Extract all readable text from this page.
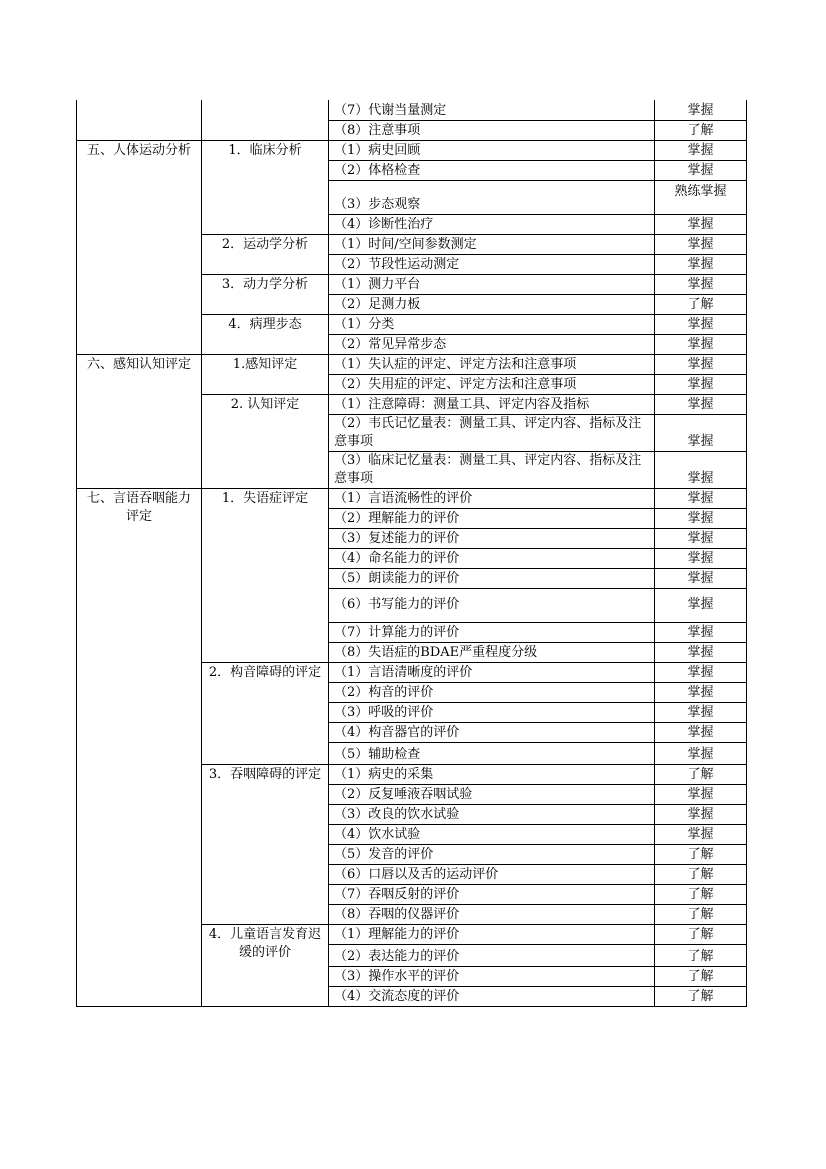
		（7）代谢当量测定	掌握
		（8）注意事项	了解
五、人体运动分析	1．临床分析	（1）病史回顾	掌握
		（2）体格检查	掌握
		（3）步态观察	熟练掌握
		（4）诊断性治疗	掌握
	2．运动学分析	（1）时间/空间参数测定	掌握
		（2）节段性运动测定	掌握
	3．动力学分析	（1）测力平台	掌握
		（2）足测力板	了解
	4．病理步态	（1）分类	掌握
		（2）常见异常步态	掌握
六、感知认知评定	1.感知评定	（1）失认症的评定、评定方法和注意事项	掌握
		（2）失用症的评定、评定方法和注意事项	掌握
	2. 认知评定	（1）注意障碍：测量工具、评定内容及指标	掌握
		（2）韦氏记忆量表：测量工具、评定内容、指标及注意事项	掌握
		（3）临床记忆量表：测量工具、评定内容、指标及注意事项	掌握
七、言语吞咽能力评定	1．失语症评定	（1）言语流畅性的评价	掌握
		（2）理解能力的评价	掌握
		（3）复述能力的评价	掌握
		（4）命名能力的评价	掌握
		（5）朗读能力的评价	掌握
		（6）书写能力的评价	掌握
		（7）计算能力的评价	掌握
		（8）失语症的BDAE严重程度分级	掌握
	2．构音障碍的评定	（1）言语清晰度的评价	掌握
		（2）构音的评价	掌握
		（3）呼吸的评价	掌握
		（4）构音器官的评价	掌握
		（5）辅助检查	掌握
	3．吞咽障碍的评定	（1）病史的采集	了解
		（2）反复唾液吞咽试验	掌握
		（3）改良的饮水试验	掌握
		（4）饮水试验	掌握
		（5）发音的评价	了解
		（6）口唇以及舌的运动评价	了解
		（7）吞咽反射的评价	了解
		（8）吞咽的仪器评价	了解
	4．儿童语言发育迟缓的评价	（1）理解能力的评价	了解
		（2）表达能力的评价	了解
		（3）操作水平的评价	了解
		（4）交流态度的评价	了解
